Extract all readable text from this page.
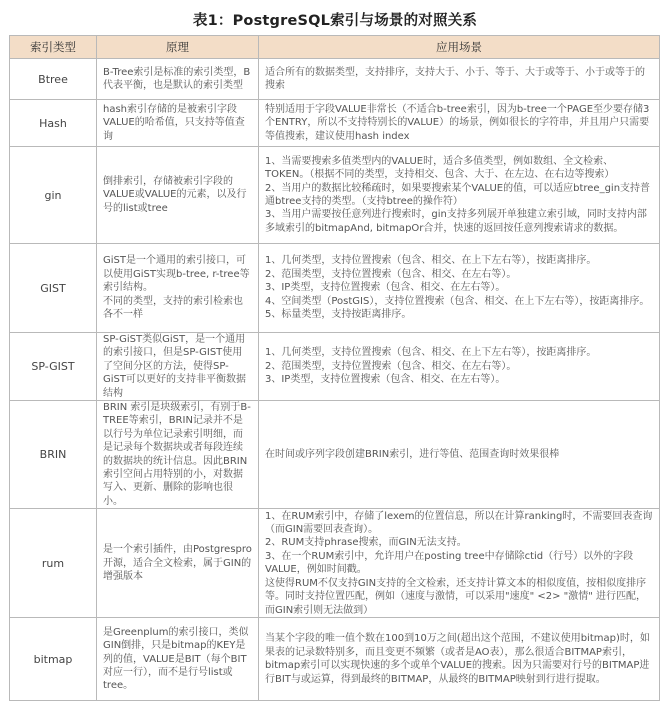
表1：PostgreSQL索引与场景的对照关系
索引类型	原理	应用场景
Btree	B-Tree索引是标准的索引类型，B代表平衡，也是默认的索引类型	适合所有的数据类型，支持排序，支持大于、小于、等于、大于或等于、小于或等于的搜索
Hash	hash索引存储的是被索引字段VALUE的哈希值，只支持等值查询	特别适用于字段VALUE非常长（不适合b-tree索引，因为b-tree一个PAGE至少要存储3个ENTRY，所以不支持特别长的VALUE）的场景，例如很长的字符串，并且用户只需要等值搜索，建议使用hash index
gin	倒排索引，存储被索引字段的VALUE或VALUE的元素，以及行号的list或tree	1、当需要搜索多值类型内的VALUE时，适合多值类型，例如数组、全文检索、TOKEN。（根据不同的类型，支持相交、包含、大于、在左边、在右边等搜索）
2、当用户的数据比较稀疏时，如果要搜索某个VALUE的值，可以适应btree_gin支持普通btree支持的类型。（支持btree的操作符）
3、当用户需要按任意列进行搜索时，gin支持多列展开单独建立索引域，同时支持内部多域索引的bitmapAnd, bitmapOr合并，快速的返回按任意列搜索请求的数据。
GIST	GiST是一个通用的索引接口，可以使用GiST实现b-tree, r-tree等索引结构。
不同的类型，支持的索引检索也各不一样	1、几何类型，支持位置搜索（包含、相交、在上下左右等），按距离排序。
2、范围类型，支持位置搜索（包含、相交、在左右等）。
3、IP类型，支持位置搜索（包含、相交、在左右等）。
4、空间类型（PostGIS），支持位置搜索（包含、相交、在上下左右等），按距离排序。
5、标量类型，支持按距离排序。
SP-GIST	SP-GiST类似GiST，是一个通用的索引接口，但是SP-GIST使用了空间分区的方法，使得SP-GiST可以更好的支持非平衡数据结构	1、几何类型，支持位置搜索（包含、相交、在上下左右等），按距离排序。
2、范围类型，支持位置搜索（包含、相交、在左右等）。
3、IP类型，支持位置搜索（包含、相交、在左右等）。
BRIN	BRIN 索引是块级索引，有别于B-TREE等索引，BRIN记录并不是以行号为单位记录索引明细，而是记录每个数据块或者每段连续的数据块的统计信息。因此BRIN索引空间占用特别的小，对数据写入、更新、删除的影响也很小。	在时间或序列字段创建BRIN索引，进行等值、范围查询时效果很棒
rum	是一个索引插件，由Postgrespro开源，适合全文检索，属于GIN的增强版本	1、在RUM索引中，存储了lexem的位置信息，所以在计算ranking时，不需要回表查询（而GIN需要回表查询）。
2、RUM支持phrase搜索，而GIN无法支持。
3、在一个RUM索引中，允许用户在posting tree中存储除ctid（行号）以外的字段VALUE，例如时间戳。
这使得RUM不仅支持GIN支持的全文检索，还支持计算文本的相似度值，按相似度排序等。同时支持位置匹配，例如（速度与激情，可以采用"速度" <2> "激情" 进行匹配，而GIN索引则无法做到）
bitmap	是Greenplum的索引接口，类似GIN倒排，只是bitmap的KEY是列的值，VALUE是BIT（每个BIT对应一行），而不是行号list或tree。	当某个字段的唯一值个数在100到10万之间(超出这个范围，不建议使用bitmap)时，如果表的记录数特别多，而且变更不频繁（或者是AO表），那么很适合BITMAP索引，bitmap索引可以实现快速的多个或单个VALUE的搜索。因为只需要对行号的BITMAP进行BIT与或运算，得到最终的BITMAP，从最终的BITMAP映射到行进行提取。
